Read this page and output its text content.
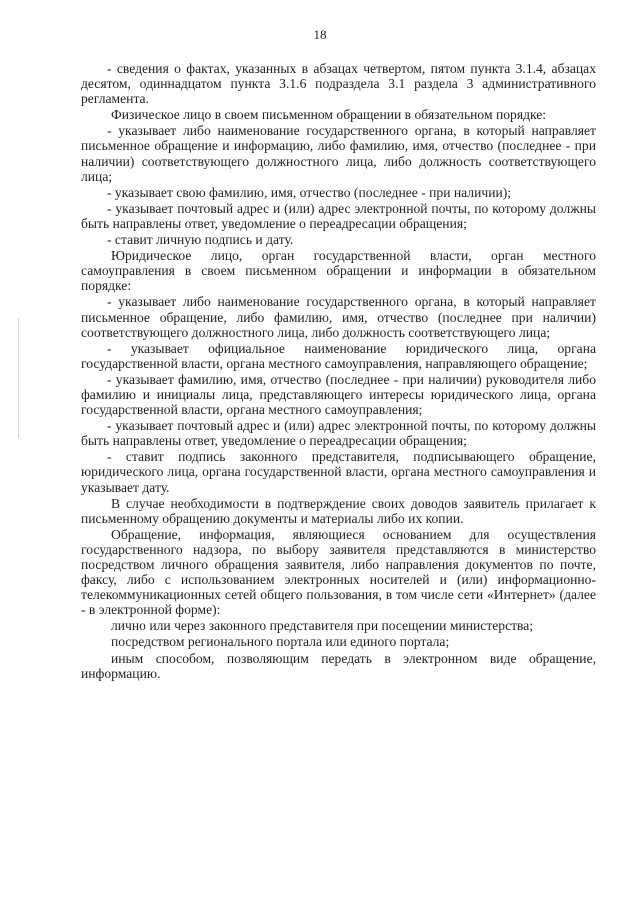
18

- сведения о фактах, указанных в абзацах четвертом, пятом пункта 3.1.4, абзацах десятом, одиннадцатом пункта 3.1.6 подраздела 3.1 раздела 3 административного регламента.

Физическое лицо в своем письменном обращении в обязательном порядке:

- указывает либо наименование государственного органа, в который направляет письменное обращение и информацию, либо фамилию, имя, отчество (последнее - при наличии) соответствующего должностного лица, либо должность соответствующего лица;

- указывает свою фамилию, имя, отчество (последнее - при наличии);

- указывает почтовый адрес и (или) адрес электронной почты, по которому должны быть направлены ответ, уведомление о переадресации обращения;

- ставит личную подпись и дату.

Юридическое лицо, орган государственной власти, орган местного самоуправления в своем письменном обращении и информации в обязательном порядке:

- указывает либо наименование государственного органа, в который направляет письменное обращение, либо фамилию, имя, отчество (последнее при наличии) соответствующего должностного лица, либо должность соответствующего лица;

- указывает официальное наименование юридического лица, органа государственной власти, органа местного самоуправления, направляющего обращение;

- указывает фамилию, имя, отчество (последнее - при наличии) руководителя либо фамилию и инициалы лица, представляющего интересы юридического лица, органа государственной власти, органа местного самоуправления;

- указывает почтовый адрес и (или) адрес электронной почты, по которому должны быть направлены ответ, уведомление о переадресации обращения;

- ставит подпись законного представителя, подписывающего обращение, юридического лица, органа государственной власти, органа местного самоуправления и указывает дату.

В случае необходимости в подтверждение своих доводов заявитель прилагает к письменному обращению документы и материалы либо их копии.

Обращение, информация, являющиеся основанием для осуществления государственного надзора, по выбору заявителя представляются в министерство посредством личного обращения заявителя, либо направления документов по почте, факсу, либо с использованием электронных носителей и (или) информационно-телекоммуникационных сетей общего пользования, в том числе сети «Интернет» (далее - в электронной форме):

лично или через законного представителя при посещении министерства;

посредством регионального портала или единого портала;

иным способом, позволяющим передать в электронном виде обращение, информацию.
